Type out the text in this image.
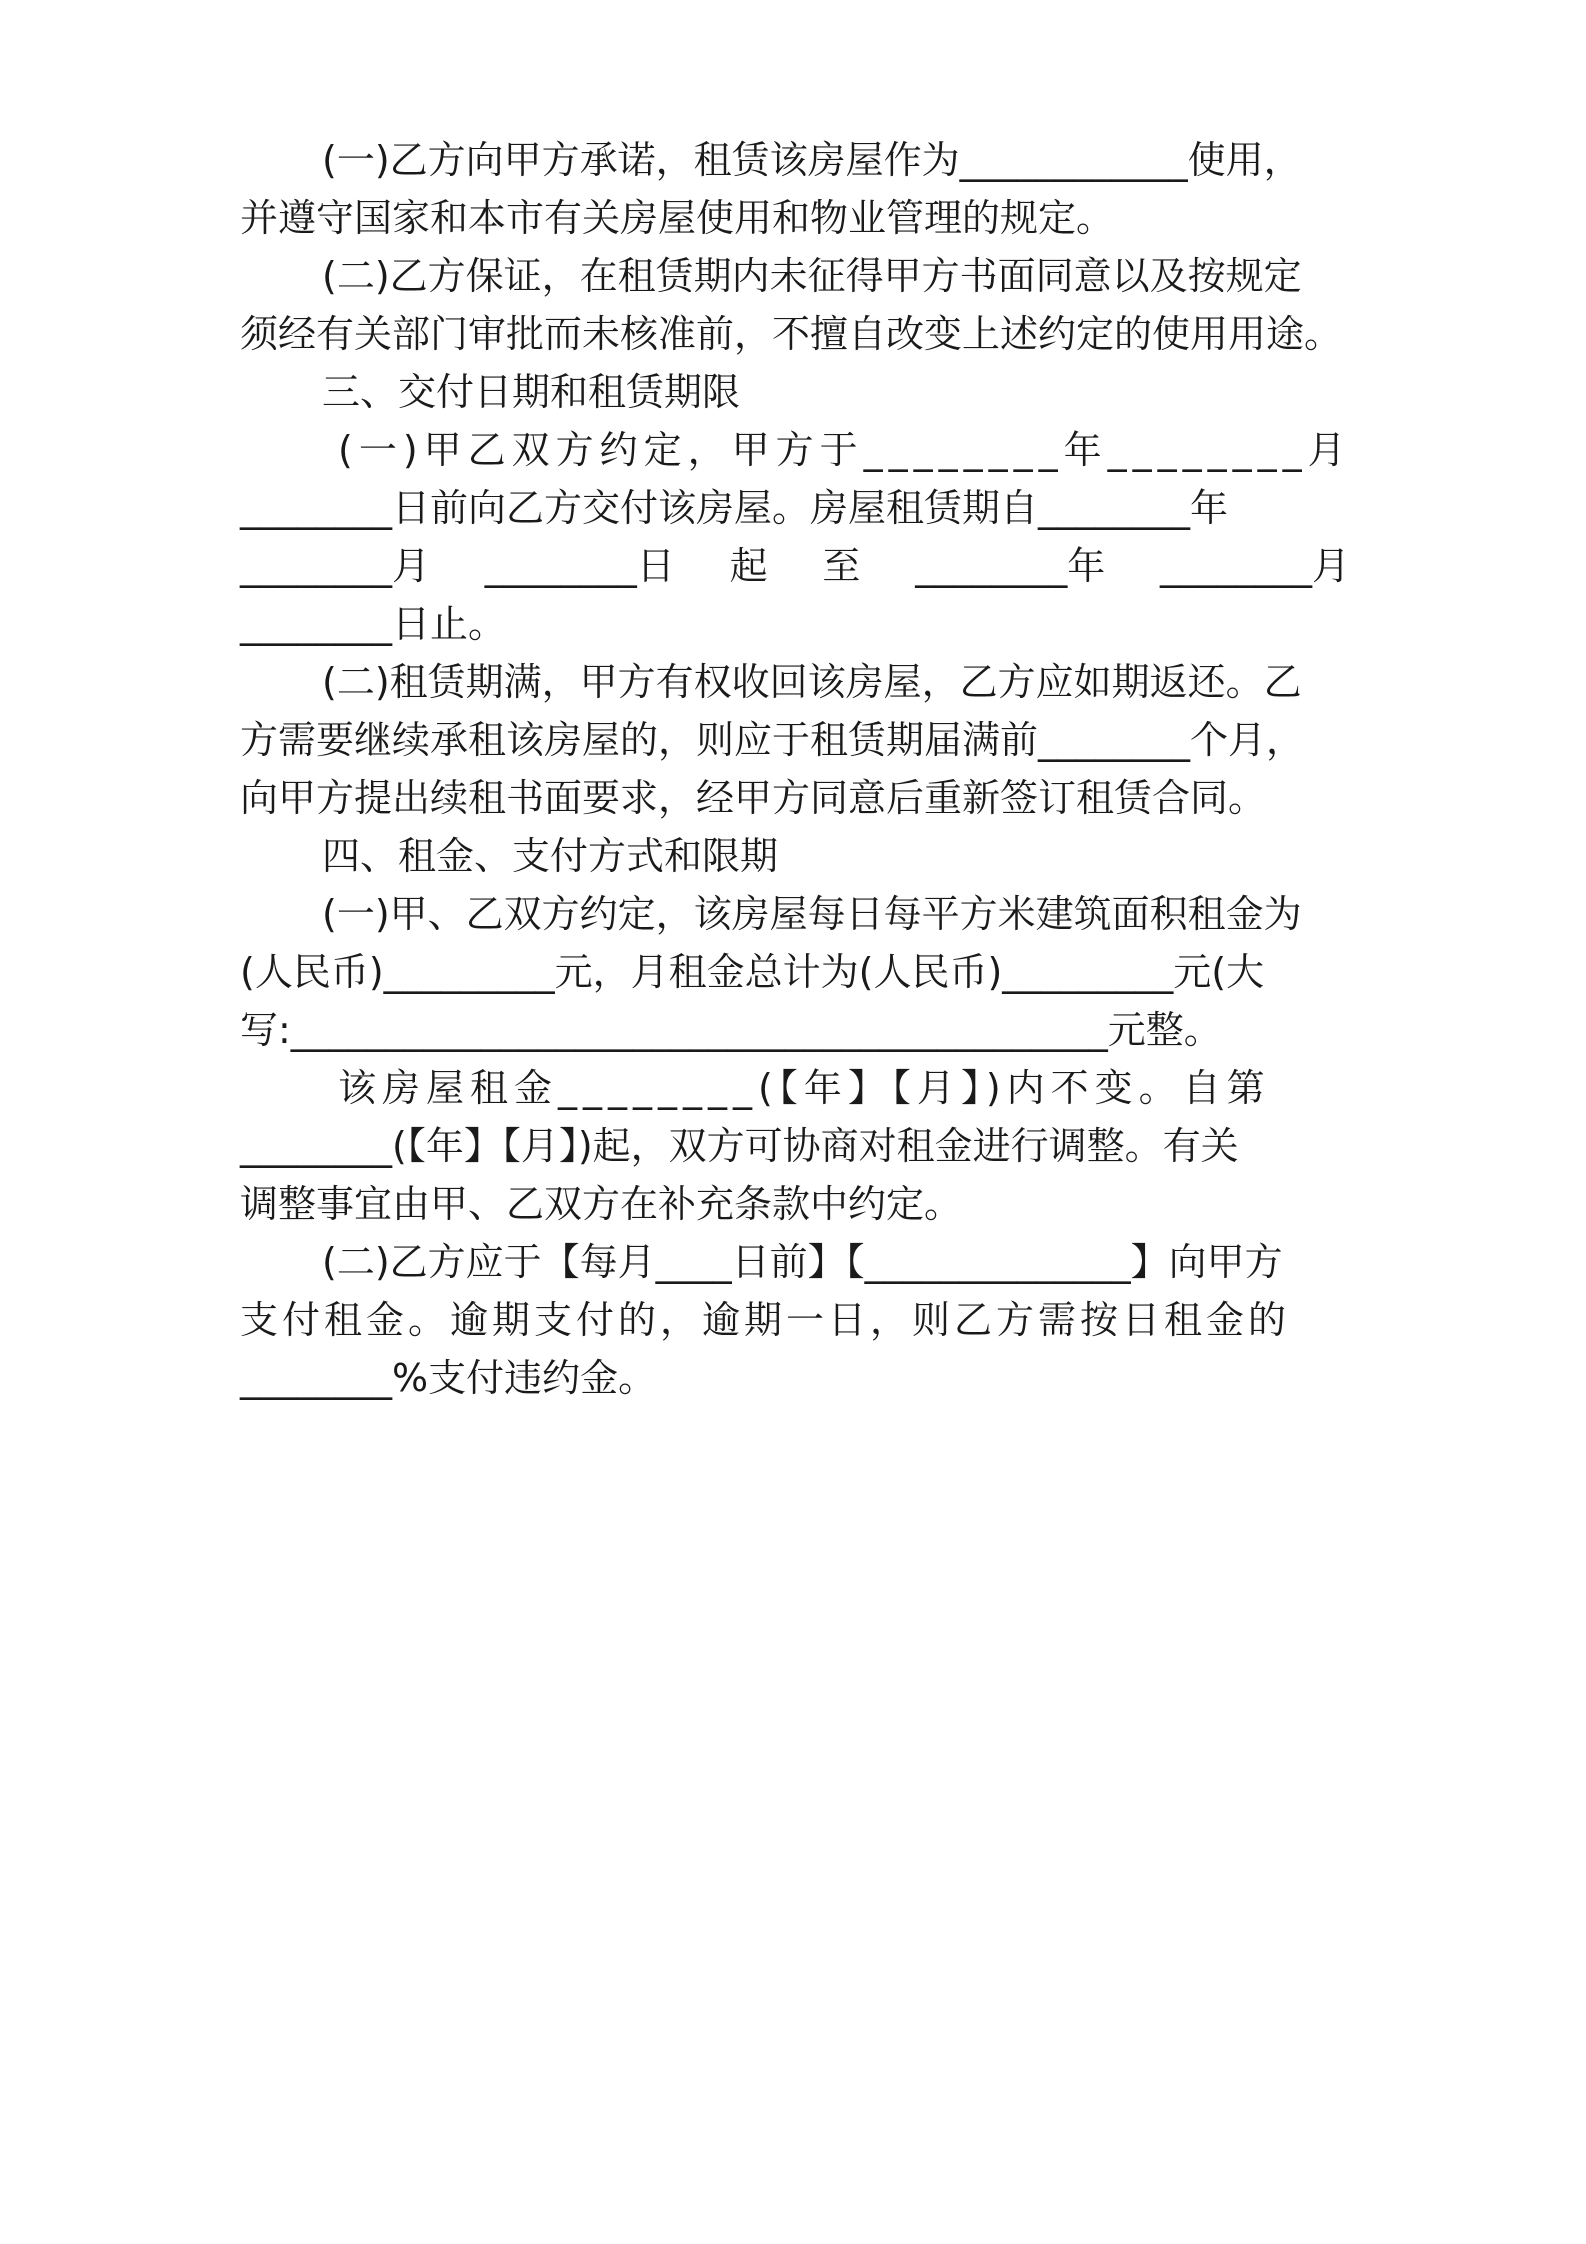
(一)乙方向甲方承诺，租赁该房屋作为____________使用，
并遵守国家和本市有关房屋使用和物业管理的规定。
(二)乙方保证，在租赁期内未征得甲方书面同意以及按规定
须经有关部门审批而未核准前，不擅自改变上述约定的使用用途。
三、交付日期和租赁期限
(一)甲乙双方约定，甲方于________年________月
________日前向乙方交付该房屋。房屋租赁期自________年
________月 ________日 起 至 ________年 ________月
________日止。
(二)租赁期满，甲方有权收回该房屋，乙方应如期返还。乙
方需要继续承租该房屋的，则应于租赁期届满前________个月，
向甲方提出续租书面要求，经甲方同意后重新签订租赁合同。
四、租金、支付方式和限期
(一)甲、乙双方约定，该房屋每日每平方米建筑面积租金为
(人民币)_________元，月租金总计为(人民币)_________元(大
写:___________________________________________元整。
该房屋租金________(【年】【月】)内不变。自第
________(【年】【月】)起，双方可协商对租金进行调整。有关
调整事宜由甲、乙双方在补充条款中约定。
(二)乙方应于【每月____日前】【______________】向甲方
支付租金。逾期支付的，逾期一日，则乙方需按日租金的
________%支付违约金。
